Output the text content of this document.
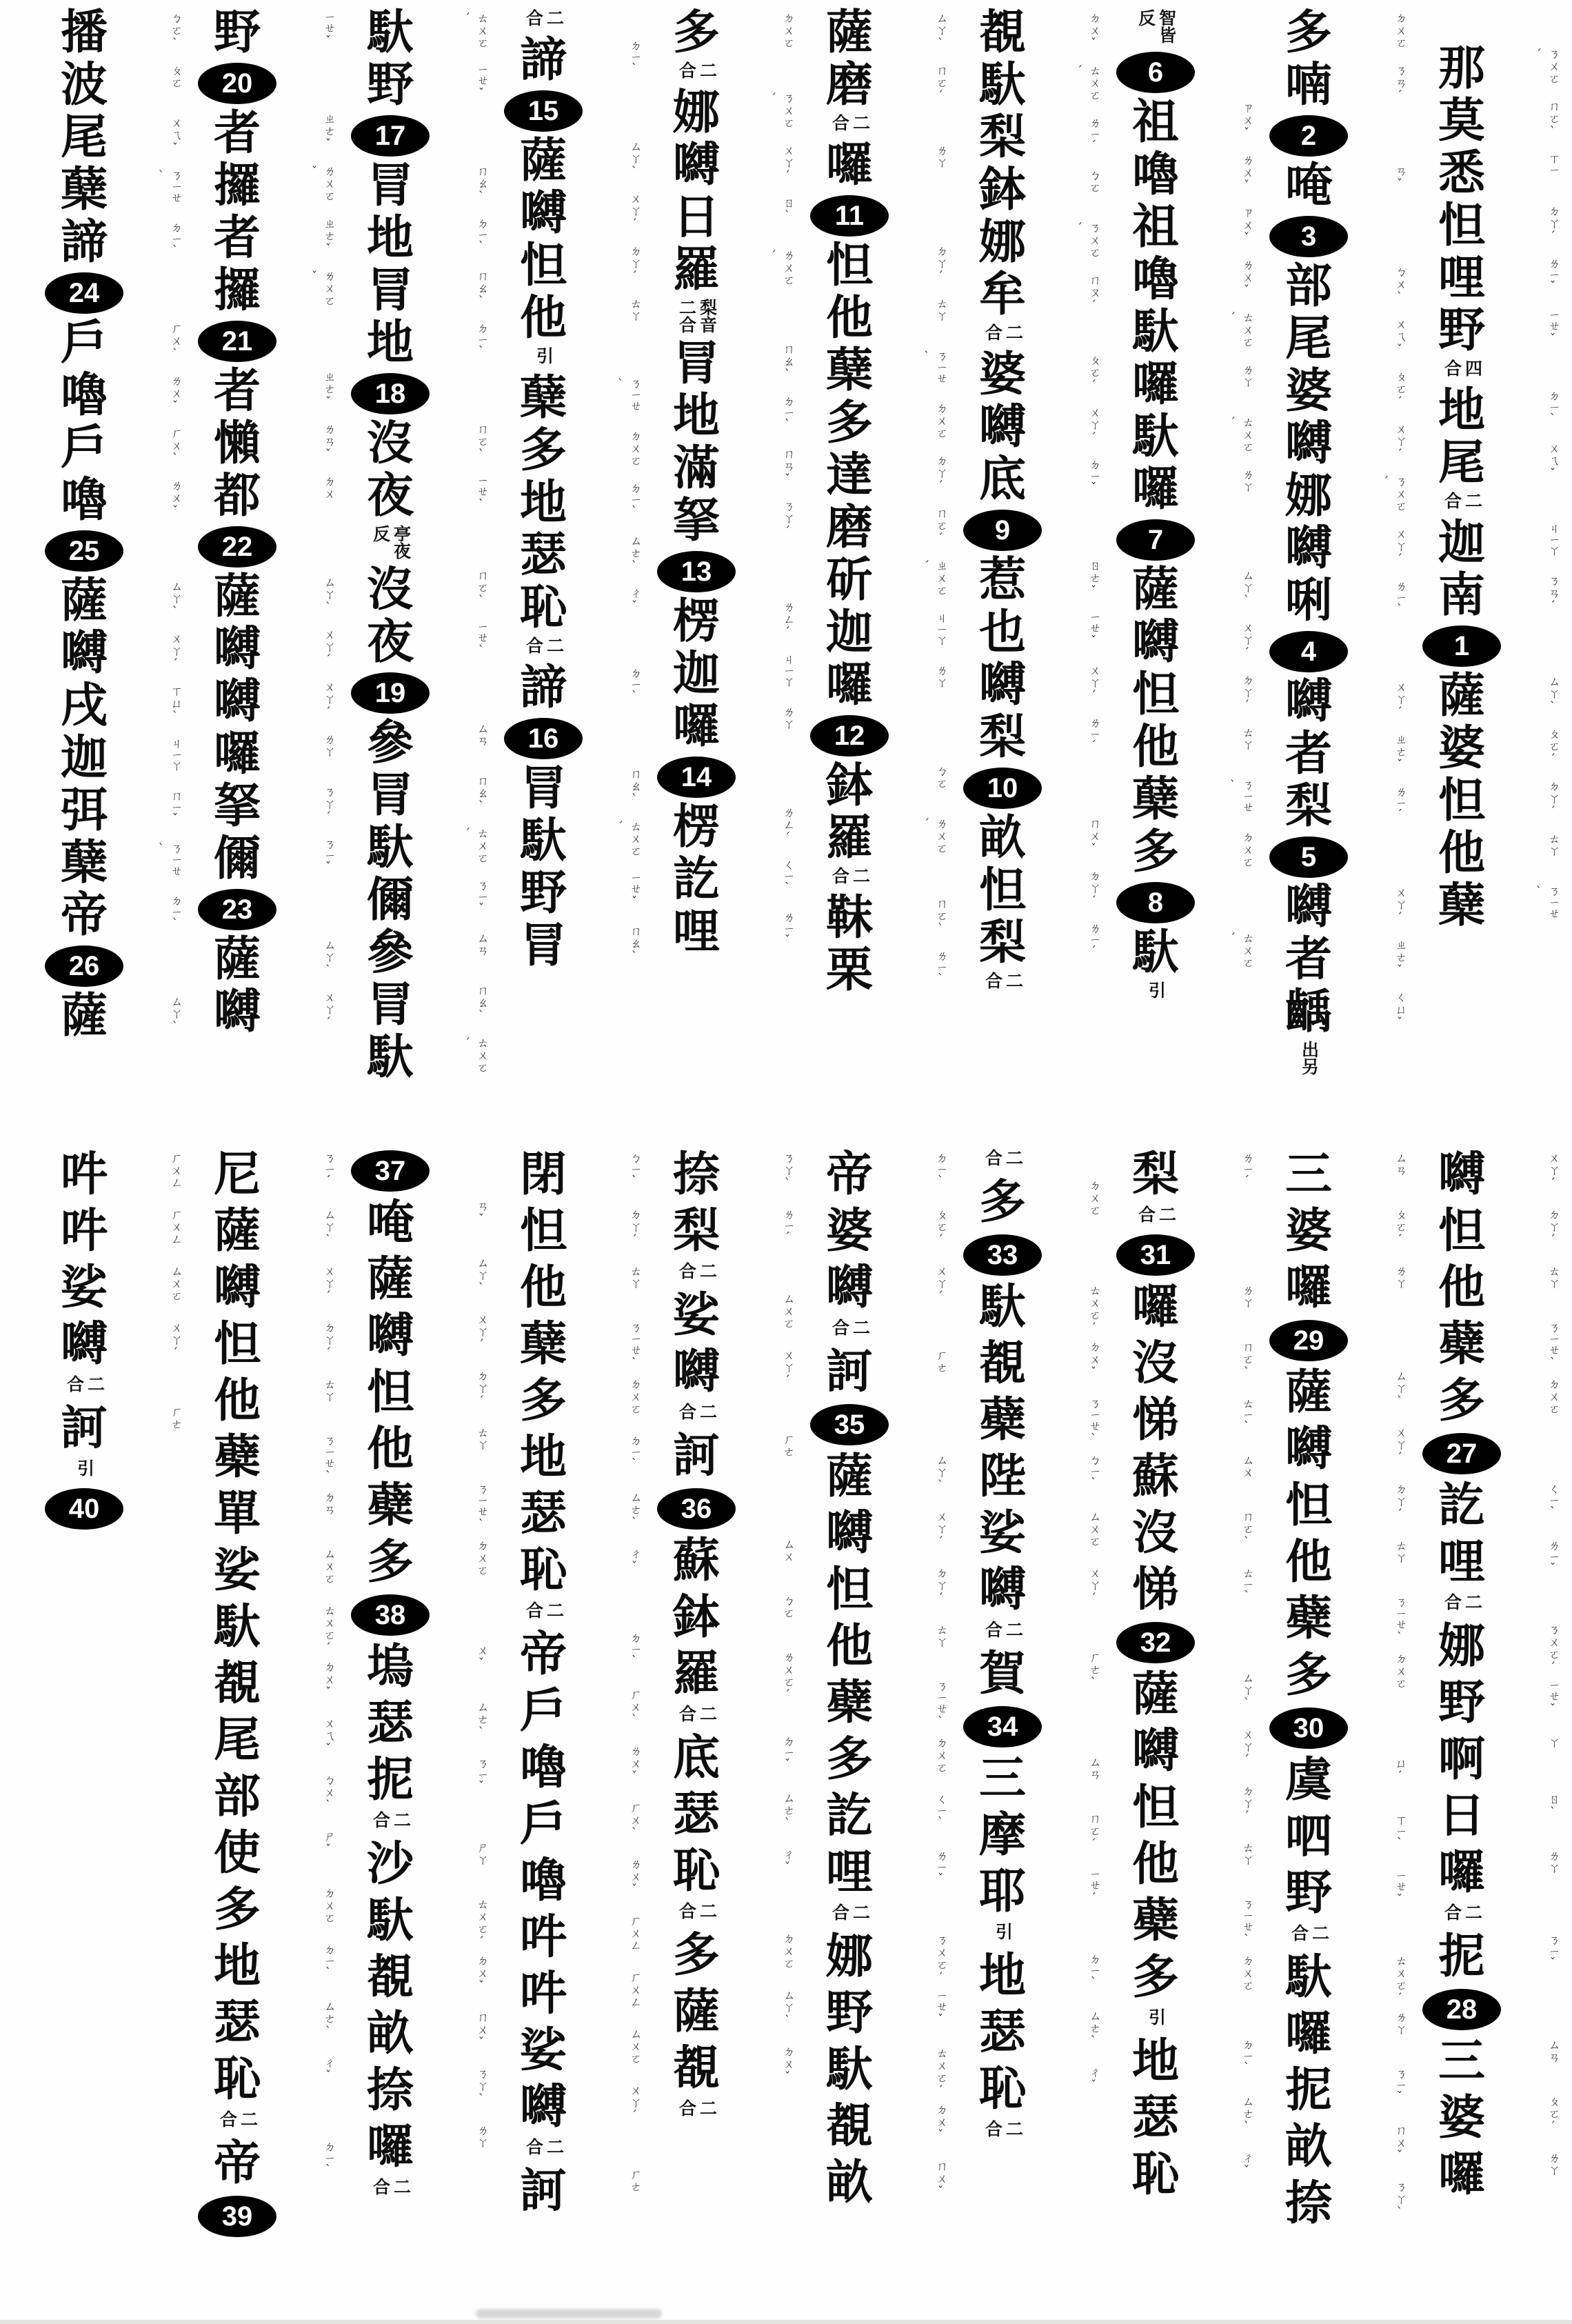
那	ㄋㄨㄛˊ
莫	ㄇㄛˋ
悉	ㄒㄧ
怛	ㄉㄚˊ
哩	ㄌㄧˇ
野	ㄧㄝˇ
四
合
地	ㄉㄧˋ
尾	ㄨㄟˇ
二
合
迦	ㄐㄧㄚ
南	ㄋㄢˊ
1
薩	ㄙㄚˋ
婆	ㄆㄛˊ
怛	ㄉㄚˊ
他	ㄊㄚ
蘖	ㄋㄧㄝˋ
多	ㄉㄨㄛ
喃	ㄋㄢˊ
2
唵	ㄢˇ
3
部	ㄅㄨˋ
尾	ㄨㄟˇ
婆	ㄆㄛˊ
嚩	ㄨㄚˊ
娜	ㄋㄨㄛˊ
嚩	ㄨㄚˊ
唎	ㄌㄧˋ
4
嚩	ㄨㄚˊ
者	ㄓㄜˇ
梨	ㄌㄧˊ
5
嚩	ㄨㄚˊ
者	ㄓㄜˇ
齲	ㄑㄩˇ
出另
智皆
反
6
祖	ㄗㄨˇ
嚕	ㄌㄨˇ
祖	ㄗㄨˇ
嚕	ㄌㄨˇ
馱	ㄊㄨㄛˊ
囉	ㄌㄚ
馱	ㄊㄨㄛˊ
囉	ㄌㄚ
7
薩	ㄙㄚˋ
嚩	ㄨㄚˊ
怛	ㄉㄚˊ
他	ㄊㄚ
蘖	ㄋㄧㄝˋ
多	ㄉㄨㄛ
8
馱	ㄊㄨㄛˊ
引
覩	ㄉㄨˇ
馱	ㄊㄨㄛˊ
梨	ㄌㄧˊ
鉢	ㄅㄛ
娜	ㄋㄨㄛˊ
牟	ㄇㄡˊ
二
合
婆	ㄆㄛˊ
嚩	ㄨㄚˊ
底	ㄉㄧˇ
9
惹	ㄖㄜˇ
也	ㄧㄝˇ
嚩	ㄨㄚˊ
梨	ㄌㄧˊ
10
畝	ㄇㄨˇ
怛	ㄉㄚˊ
梨	ㄌㄧˊ
二
合
薩	ㄙㄚˋ
磨	ㄇㄛˊ
二
合
囉	ㄌㄚ
11
怛	ㄉㄚˊ
他	ㄊㄚ
蘖	ㄋㄧㄝˋ
多	ㄉㄨㄛ
達	ㄉㄚˊ
磨	ㄇㄛˊ
斫	ㄓㄨㄛˊ
迦	ㄐㄧㄚ
囉	ㄌㄚ
12
鉢	ㄅㄛ
羅	ㄌㄨㄛˊ
二
合
靺	ㄇㄛˋ
栗	ㄌㄧˋ
多	ㄉㄨㄛ
二
合
娜	ㄋㄨㄛˊ
嚩	ㄨㄚˊ
日	ㄖˋ
羅	ㄌㄨㄛˊ
梨音
二合
冐	ㄇㄠˋ
地	ㄉㄧˋ
滿	ㄇㄢˇ
拏	ㄋㄚˊ
13
楞	ㄌㄥˊ
迦	ㄐㄧㄚ
囉	ㄌㄚ
14
楞	ㄌㄥˊ
訖	ㄑㄧˋ
哩	ㄌㄧˇ
二
合
諦	ㄉㄧˋ
15
薩	ㄙㄚˋ
嚩	ㄨㄚˊ
怛	ㄉㄚˊ
他	ㄊㄚ
引
蘖	ㄋㄧㄝˋ
多	ㄉㄨㄛ
地	ㄉㄧˋ
瑟	ㄙㄜˋ
恥	ㄔˇ
二
合
諦	ㄉㄧˋ
16
冐	ㄇㄠˋ
馱	ㄊㄨㄛˊ
野	ㄧㄝˇ
冐	ㄇㄠˋ
馱	ㄊㄨㄛˊ
野	ㄧㄝˇ
17
冐	ㄇㄠˋ
地	ㄉㄧˋ
冐	ㄇㄠˋ
地	ㄉㄧˋ
18
沒	ㄇㄛˋ
夜	ㄧㄝˋ
亭夜
反
沒	ㄇㄛˋ
夜	ㄧㄝˋ
19
參	ㄙㄢ
冐	ㄇㄠˋ
馱	ㄊㄨㄛˊ
儞	ㄋㄧˇ
參	ㄙㄢ
冐	ㄇㄠˋ
馱	ㄊㄨㄛˊ
野	ㄧㄝˇ
20
者	ㄓㄜˇ
攞	ㄌㄨㄛˇ
者	ㄓㄜˇ
攞	ㄌㄨㄛˇ
21
者	ㄓㄜˇ
懶	ㄌㄢˇ
都	ㄉㄨ
22
薩	ㄙㄚˋ
嚩	ㄨㄚˊ
嚩	ㄨㄚˊ
囉	ㄌㄚ
拏	ㄋㄚˊ
儞	ㄋㄧˇ
23
薩	ㄙㄚˋ
嚩	ㄨㄚˊ
播	ㄅㄛˋ
波	ㄆㄛ
尾	ㄨㄟˇ
蘖	ㄋㄧㄝˋ
諦	ㄉㄧˋ
24
戶	ㄏㄨˋ
嚕	ㄌㄨˇ
戶	ㄏㄨˋ
嚕	ㄌㄨˇ
25
薩	ㄙㄚˋ
嚩	ㄨㄚˊ
戌	ㄒㄩˋ
迦	ㄐㄧㄚ
弭	ㄇㄧˇ
蘖	ㄋㄧㄝˋ
帝	ㄉㄧˋ
26
薩	ㄙㄚˋ
嚩	ㄨㄚˊ
怛	ㄉㄚˊ
他	ㄊㄚ
蘗	ㄋㄧㄝˋ
多	ㄉㄨㄛ
27
訖	ㄑㄧˋ
哩	ㄌㄧˇ
二
合
娜	ㄋㄨㄛˊ
野	ㄧㄝˇ
啊	ㄚ
日	ㄖˋ
囉	ㄌㄚ
二
合
抳	ㄋㄧˇ
28
三	ㄙㄢ
婆	ㄆㄛˊ
囉	ㄌㄚ
三	ㄙㄢ
婆	ㄆㄛˊ
囉	ㄌㄚ
29
薩	ㄙㄚˋ
嚩	ㄨㄚˊ
怛	ㄉㄚˊ
他	ㄊㄚ
蘗	ㄋㄧㄝˋ
多	ㄉㄨㄛ
30
虞	ㄩˊ
呬	ㄒㄧˋ
野	ㄧㄝˇ
二
合
馱	ㄊㄨㄛˊ
囉	ㄌㄚ
抳	ㄋㄧˇ
畝	ㄇㄨˇ
捺	ㄋㄚˋ
梨	ㄌㄧˊ
二
合
31
囉	ㄌㄚ
沒	ㄇㄛˋ
悌	ㄊㄧˋ
蘇	ㄙㄨ
沒	ㄇㄛˋ
悌	ㄊㄧˋ
32
薩	ㄙㄚˋ
嚩	ㄨㄚˊ
怛	ㄉㄚˊ
他	ㄊㄚ
蘗	ㄋㄧㄝˋ
多	ㄉㄨㄛ
引
地	ㄉㄧˋ
瑟	ㄙㄜˋ
恥	ㄔˇ
二
合
多	ㄉㄨㄛ
33
馱	ㄊㄨㄛˊ
覩	ㄉㄨˇ
蘗	ㄋㄧㄝˋ
陛	ㄅㄧˋ
娑	ㄙㄨㄛ
嚩	ㄨㄚˊ
二
合
賀	ㄏㄜˋ
34
三	ㄙㄢ
摩	ㄇㄛˊ
耶	ㄧㄝˊ
引
地	ㄉㄧˋ
瑟	ㄙㄜˋ
恥	ㄔˇ
二
合
帝	ㄉㄧˋ
婆	ㄆㄛˊ
嚩	ㄨㄚˊ
二
合
訶	ㄏㄜ
35
薩	ㄙㄚˋ
嚩	ㄨㄚˊ
怛	ㄉㄚˊ
他	ㄊㄚ
蘗	ㄋㄧㄝˋ
多	ㄉㄨㄛ
訖	ㄑㄧˋ
哩	ㄌㄧˇ
二
合
娜	ㄋㄨㄛˊ
野	ㄧㄝˇ
馱	ㄊㄨㄛˊ
覩	ㄉㄨˇ
畝	ㄇㄨˇ
捺	ㄋㄚˋ
梨	ㄌㄧˊ
二
合
娑	ㄙㄨㄛ
嚩	ㄨㄚˊ
二
合
訶	ㄏㄜ
36
蘇	ㄙㄨ
鉢	ㄅㄛ
羅	ㄌㄨㄛˊ
二
合
底	ㄉㄧˇ
瑟	ㄙㄜˋ
恥	ㄔˇ
二
合
多	ㄉㄨㄛ
薩	ㄙㄚˋ
覩	ㄉㄨˇ
二
合
閉	ㄅㄧˋ
怛	ㄉㄚˊ
他	ㄊㄚ
蘖	ㄋㄧㄝˋ
多	ㄉㄨㄛ
地	ㄉㄧˋ
瑟	ㄙㄜˋ
恥	ㄔˇ
二
合
帝	ㄉㄧˋ
戶	ㄏㄨˋ
嚕	ㄌㄨˇ
戶	ㄏㄨˋ
嚕	ㄌㄨˇ
吽	ㄏㄨㄥ
吽	ㄏㄨㄥ
娑	ㄙㄨㄛ
嚩	ㄨㄚˊ
二
合
訶	ㄏㄜ
37
唵	ㄢˇ
薩	ㄙㄚˋ
嚩	ㄨㄚˊ
怛	ㄉㄚˊ
他	ㄊㄚ
蘗	ㄋㄧㄝˋ
多	ㄉㄨㄛ
38
塢	ㄨˇ
瑟	ㄙㄜˋ
抳	ㄋㄧˇ
二
合
沙	ㄕㄚ
馱	ㄊㄨㄛˊ
覩	ㄉㄨˇ
畝	ㄇㄨˇ
捺	ㄋㄚˋ
囉	ㄌㄚ
二
合
尼	ㄋㄧˊ
薩	ㄙㄚˋ
嚩	ㄨㄚˊ
怛	ㄉㄚˊ
他	ㄊㄚ
蘗	ㄋㄧㄝˋ
單	ㄉㄢ
娑	ㄙㄨㄛ
馱	ㄊㄨㄛˊ
覩	ㄉㄨˇ
尾	ㄨㄟˇ
部	ㄅㄨˋ
使	ㄕˇ
多	ㄉㄨㄛ
地	ㄉㄧˋ
瑟	ㄙㄜˋ
恥	ㄔˇ
二
合
帝	ㄉㄧˋ
39
吽	ㄏㄨㄥ
吽	ㄏㄨㄥ
娑	ㄙㄨㄛ
嚩	ㄨㄚˊ
二
合
訶	ㄏㄜ
引
40
